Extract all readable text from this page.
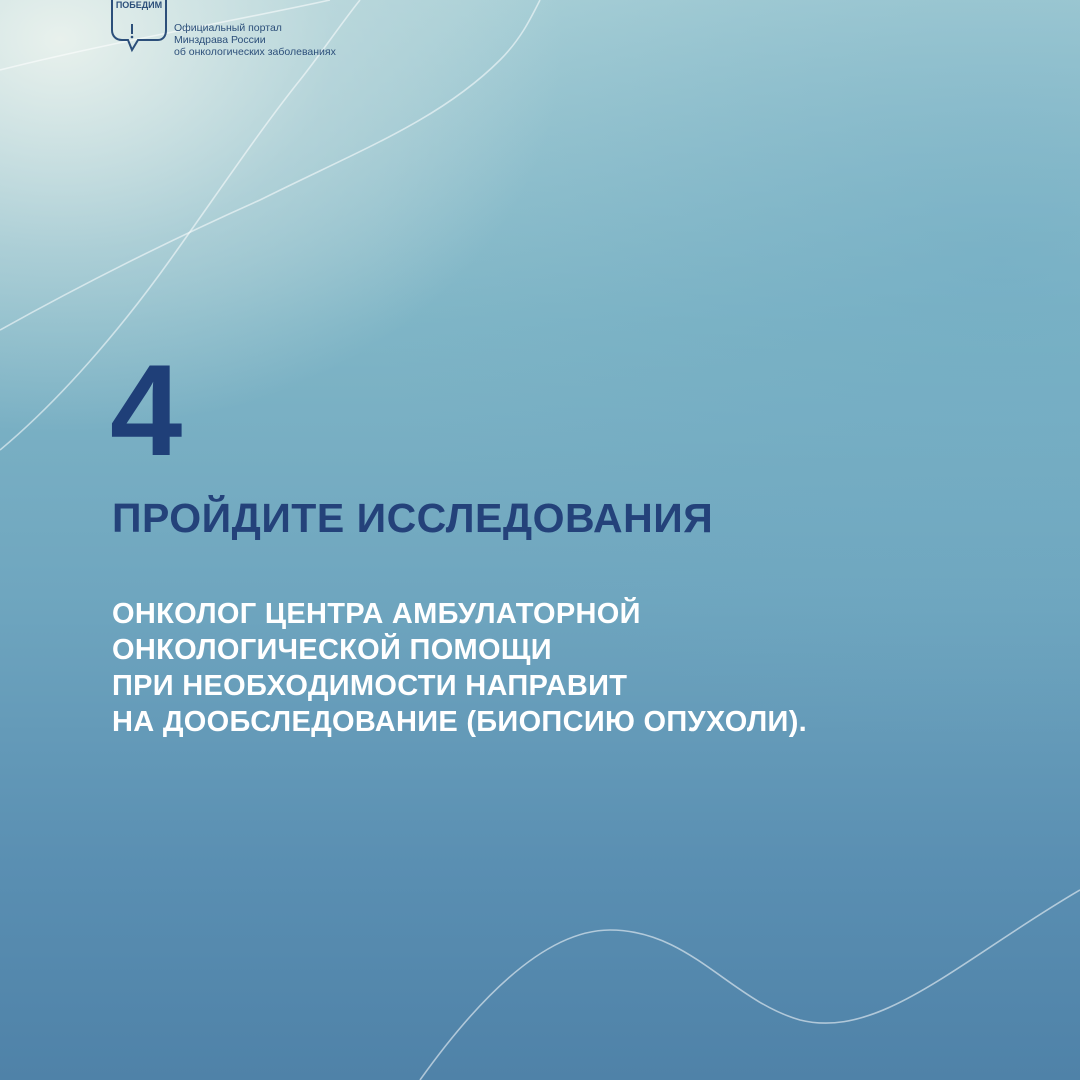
ПОБЕДИМ
Официальный портал
Минздрава России
об онкологических заболеваниях
4
ПРОЙДИТЕ ИССЛЕДОВАНИЯ
ОНКОЛОГ ЦЕНТРА АМБУЛАТОРНОЙ
ОНКОЛОГИЧЕСКОЙ ПОМОЩИ
ПРИ НЕОБХОДИМОСТИ НАПРАВИТ
НА ДООБСЛЕДОВАНИЕ (БИОПСИЮ ОПУХОЛИ).
